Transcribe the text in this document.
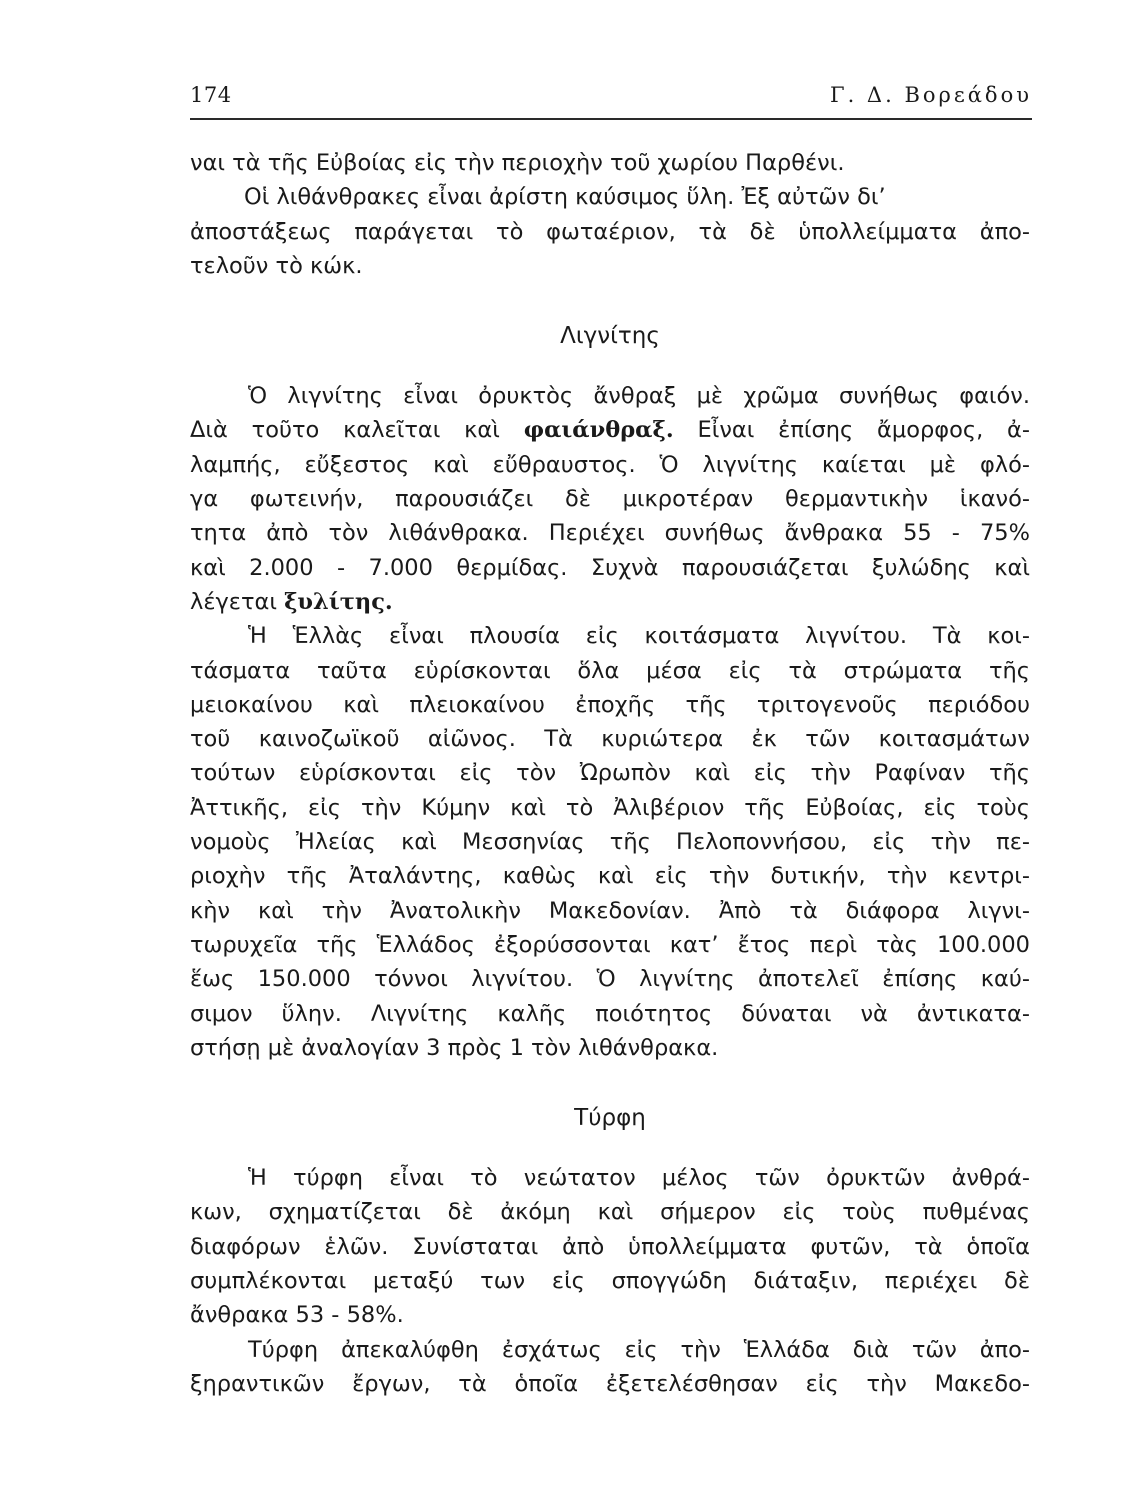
174	Γ. Δ. Βορεάδου
ναι τὰ τῆς Εὐβοίας εἰς τὴν περιοχὴν τοῦ χωρίου Παρθένι.
Οἱ λιθάνθρακες εἶναι ἀρίστη καύσιμος ὕλη. Ἐξ αὐτῶν δι’
ἀποστάξεως παράγεται τὸ φωταέριον, τὰ δὲ ὑπολλείμματα ἀπο-
τελοῦν τὸ κώκ.
Λιγνίτης
Ὁ λιγνίτης εἶναι ὀρυκτὸς ἄνθραξ μὲ χρῶμα συνήθως φαιόν.
Διὰ τοῦτο καλεῖται καὶ φαιάνθραξ. Εἶναι ἐπίσης ἄμορφος, ἀ-
λαμπής, εὔξεστος καὶ εὔθραυστος. Ὁ λιγνίτης καίεται μὲ φλό-
γα φωτεινήν, παρουσιάζει δὲ μικροτέραν θερμαντικὴν ἱκανό-
τητα ἀπὸ τὸν λιθάνθρακα. Περιέχει συνήθως ἄνθρακα 55 - 75%
καὶ 2.000 - 7.000 θερμίδας. Συχνὰ παρουσιάζεται ξυλώδης καὶ
λέγεται ξυλίτης.
Ἡ Ἑλλὰς εἶναι πλουσία εἰς κοιτάσματα λιγνίτου. Τὰ κοι-
τάσματα ταῦτα εὑρίσκονται ὅλα μέσα εἰς τὰ στρώματα τῆς
μειοκαίνου καὶ πλειοκαίνου ἐποχῆς τῆς τριτογενοῦς περιόδου
τοῦ καινοζωϊκοῦ αἰῶνος. Τὰ κυριώτερα ἐκ τῶν κοιτασμάτων
τούτων εὑρίσκονται εἰς τὸν Ὠρωπὸν καὶ εἰς τὴν Ραφίναν τῆς
Ἀττικῆς, εἰς τὴν Κύμην καὶ τὸ Ἀλιβέριον τῆς Εὐβοίας, εἰς τοὺς
νομοὺς Ἠλείας καὶ Μεσσηνίας τῆς Πελοποννήσου, εἰς τὴν πε-
ριοχὴν τῆς Ἀταλάντης, καθὼς καὶ εἰς τὴν δυτικήν, τὴν κεντρι-
κὴν καὶ τὴν Ἀνατολικὴν Μακεδονίαν. Ἀπὸ τὰ διάφορα λιγνι-
τωρυχεῖα τῆς Ἑλλάδος ἐξορύσσονται κατ’ ἔτος περὶ τὰς 100.000
ἕως 150.000 τόννοι λιγνίτου. Ὁ λιγνίτης ἀποτελεῖ ἐπίσης καύ-
σιμον ὕλην. Λιγνίτης καλῆς ποιότητος δύναται νὰ ἀντικατα-
στήσῃ μὲ ἀναλογίαν 3 πρὸς 1 τὸν λιθάνθρακα.
Τύρφη
Ἡ τύρφη εἶναι τὸ νεώτατον μέλος τῶν ὀρυκτῶν ἀνθρά-
κων, σχηματίζεται δὲ ἀκόμη καὶ σήμερον εἰς τοὺς πυθμένας
διαφόρων ἑλῶν. Συνίσταται ἀπὸ ὑπολλείμματα φυτῶν, τὰ ὁποῖα
συμπλέκονται μεταξύ των εἰς σπογγώδη διάταξιν, περιέχει δὲ
ἄνθρακα 53 - 58%.
Τύρφη ἀπεκαλύφθη ἐσχάτως εἰς τὴν Ἑλλάδα διὰ τῶν ἀπο-
ξηραντικῶν ἔργων, τὰ ὁποῖα ἐξετελέσθησαν εἰς τὴν Μακεδο-
